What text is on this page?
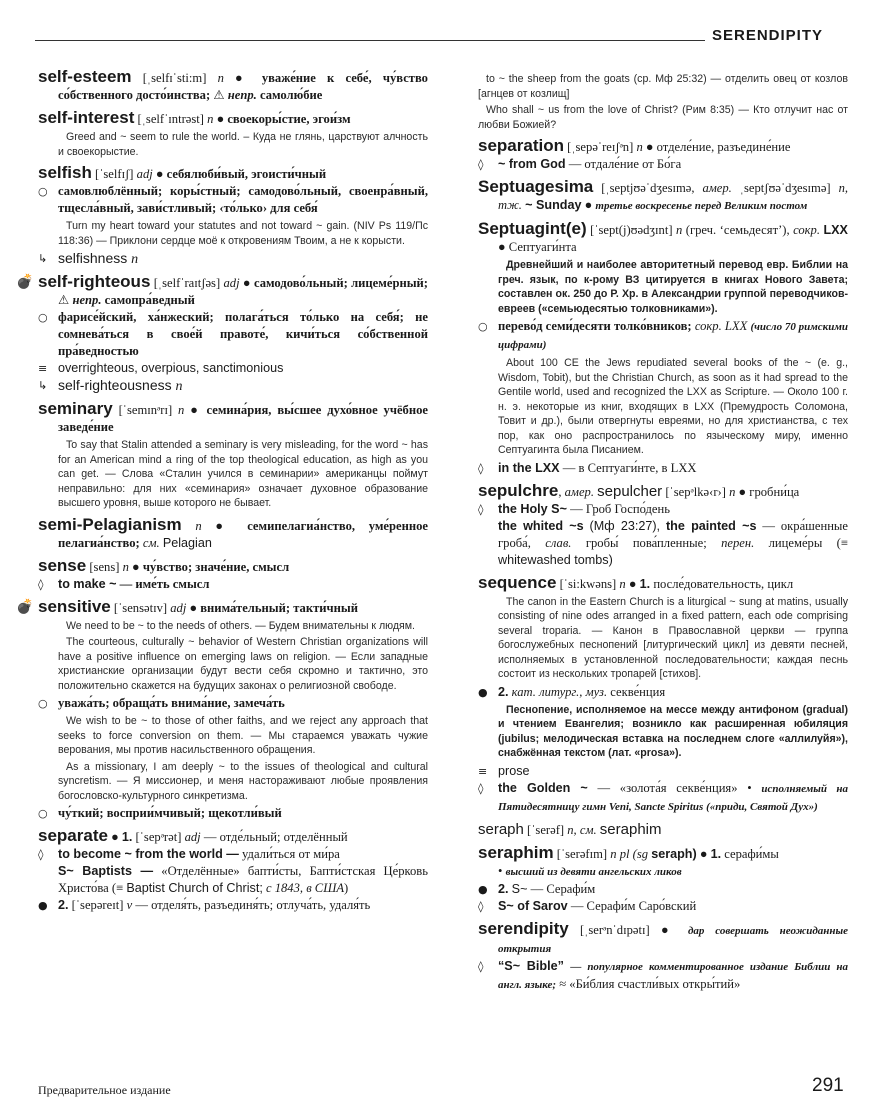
SERENDIPITY
self-esteem [ˌselfɪˈsti:m] n ● уваже́ние к себе́, чу́вство со́бственного досто́инства; ⚠ непр. самолю́бие
self-interest [ˌselfˈɪntrəst] n ● своекоры́стие, эгои́зм
Greed and ~ seem to rule the world. – Куда не глянь, царствуют алчность и своекорыстие.
selfish [ˈselfɪʃ] adj ● себялюби́вый, эгоисти́чный
○ самовлюблённый; коры́стный; самодово́льный, своенра́вный, тщесла́вный, зави́стливый; ‹то́лько› для себя́
Turn my heart toward your statutes and not toward ~ gain. (NIV Ps 119/Пс 118:36) — Приклони сердце моё к откровениям Твоим, а не к корысти.
↳ selfishness n
💣 self-righteous [ˌselfˈraɪtʃəs] adj ● самодово́льный; лицеме́рный; ⚠ непр. самопра́ведный
○ фарисе́йский, ха́нжеский; полага́ться то́лько на себя́; не сомнева́ться в свое́й правоте́, кичи́ться со́бственной пра́ведностью
≡ overrighteous, overpious, sanctimonious
↳ self-righteousness n
seminary [ˈsemɪnᵊrɪ] n ● семина́рия, вы́сшее духо́вное учёбное заведе́ние
To say that Stalin attended a seminary is very misleading, for the word ~ has for an American mind a ring of the top theological education, as high as you can get. — Слова «Сталин учился в семинарии» американцы поймут неправильно: для них «семинария» означает духовное образование высшего уровня, выше которого не бывает.
semi-Pelagianism n ● семипелагиа́нство, уме́ренное пелагиа́нство; см. Pelagian
sense [sens] n ● чу́вство; значе́ние, смысл
◊	to make ~ — име́ть смысл
💣 sensitive [ˈsensətɪv] adj ● внима́тельный; такти́чный
We need to be ~ to the needs of others. — Будем внимательны к людям.
The courteous, culturally ~ behavior of Western Christian organizations will have a positive influence on emerging laws on religion. — Если западные христианские организации будут вести себя скромно и тактично, это положительно скажется на будущих законах о религиозной свободе.
○ уважа́ть; обраща́ть внима́ние, замеча́ть
We wish to be ~ to those of other faiths, and we reject any approach that seeks to force conversion on them. — Мы стараемся уважать чужие верования, мы против насильственного обращения.
As a missionary, I am deeply ~ to the issues of theological and cultural syncretism. — Я миссионер, и меня настораживают любые проявления богословско-культурного синкретизма.
○ чу́ткий; восприи́мчивый; щекотли́вый
separate ● 1. [ˈsepᵊrət] adj — отде́льный; отделённый
◊	to become ~ from the world — удали́ться от ми́ра
S~ Baptists — «Отделённые» бапти́сты, Бапти́стская Це́рковь Христо́ва (≡ Baptist Church of Christ; с 1843, в США)
● 2. [ˈsepəreɪt] v — отделя́ть, разъединя́ть; отлуча́ть, удаля́ть
to ~ the sheep from the goats (ср. Мф 25:32) — отделить овец от козлов [агнцев от козлищ]
Who shall ~ us from the love of Christ? (Рим 8:35) — Кто отлучит нас от любви Божией?
separation [ˌsepəˈreɪʃᵊn] n ● отделе́ние, разъедине́ние
◊	~ from God — отдале́ние от Бо́га
Septuagesima [ˌseptjʊəˈdʒesɪmə, амер. ˌseptʃʊəˈdʒesɪmə] n, тж. ~ Sunday ● третье воскресенье перед Великим постом
Septuagint(e) [ˈsept(j)ʊədʒɪnt] n (греч. ‘семьдесят’), сокр. LXX ● Септуаги́нта
Древнейший и наиболее авторитетный перевод евр. Библии на греч. язык, по к-рому ВЗ цитируется в книгах Нового Завета; составлен ок. 250 до Р. Хр. в Александрии группой переводчиков-евреев («семьюдесятью толковниками»).
○ перево́д семи́десяти толко́вников; сокр. LXX (число 70 римскими цифрами)
About 100 CE the Jews repudiated several books of the ~ (e. g., Wisdom, Tobit), but the Christian Church, as soon as it had spread to the Gentile world, used and recognized the LXX as Scripture. — Около 100 г. н. э. некоторые из книг, входящих в LXX (Премудрость Соломона, Товит и др.), были отвергнуты евреями, но для христианства, с тех пор, как оно распространилось по языческому миру, именно Септуагинта была Писанием.
◊	in the LXX — в Септуаги́нте, в LXX
sepulchre, амер. sepulcher [ˈsepᵊlkə‹r›] n ● гробни́ца
◊	the Holy S~ — Гроб Госпо́день
the whited ~s (Мф 23:27), the painted ~s — окра́шенные гроба́, слав. гробы́ пова́пленные; перен. лицеме́ры (≡ whitewashed tombs)
sequence [ˈsi:kwəns] n ● 1. после́довательность, цикл
The canon in the Eastern Church is a liturgical ~ sung at matins, usually consisting of nine odes arranged in a fixed pattern, each ode comprising several troparia. — Канон в Православной церкви — группа богослужебных песнопений [литургический цикл] из девяти песней, исполняемых в установленной последовательности; каждая песнь состоит из нескольких тропарей [стихов].
● 2. кат. литург., муз. секве́нция
Песнопение, исполняемое на мессе между антифоном (gradual) и чтением Евангелия; возникло как расширенная юбиляция (jubilus; мелодическая вставка на последнем слоге «аллилуйя»), снабжённая текстом (лат. «prosa»).
≡ prose
◊	the Golden ~ — «золота́я секве́нция» • исполняемый на Пятидесятницу гимн Veni, Sancte Spiritus («приди, Святой Дух»)
seraph [ˈserəf] n, см. seraphim
seraphim [ˈserəfɪm] n pl (sg seraph) ● 1. серафи́мы
• высший из девяти ангельских ликов
● 2. S~ — Серафи́м
◊	S~ of Sarov — Серафи́м Саро́вский
serendipity [ˌserᵊnˈdɪpətɪ] ● дар совершать неожиданные открытия
◊	“S~ Bible” — популярное комментированное издание Библии на англ. языке; ≈ «Би́блия счастли́вых откры́тий»
Предварительное издание	291
